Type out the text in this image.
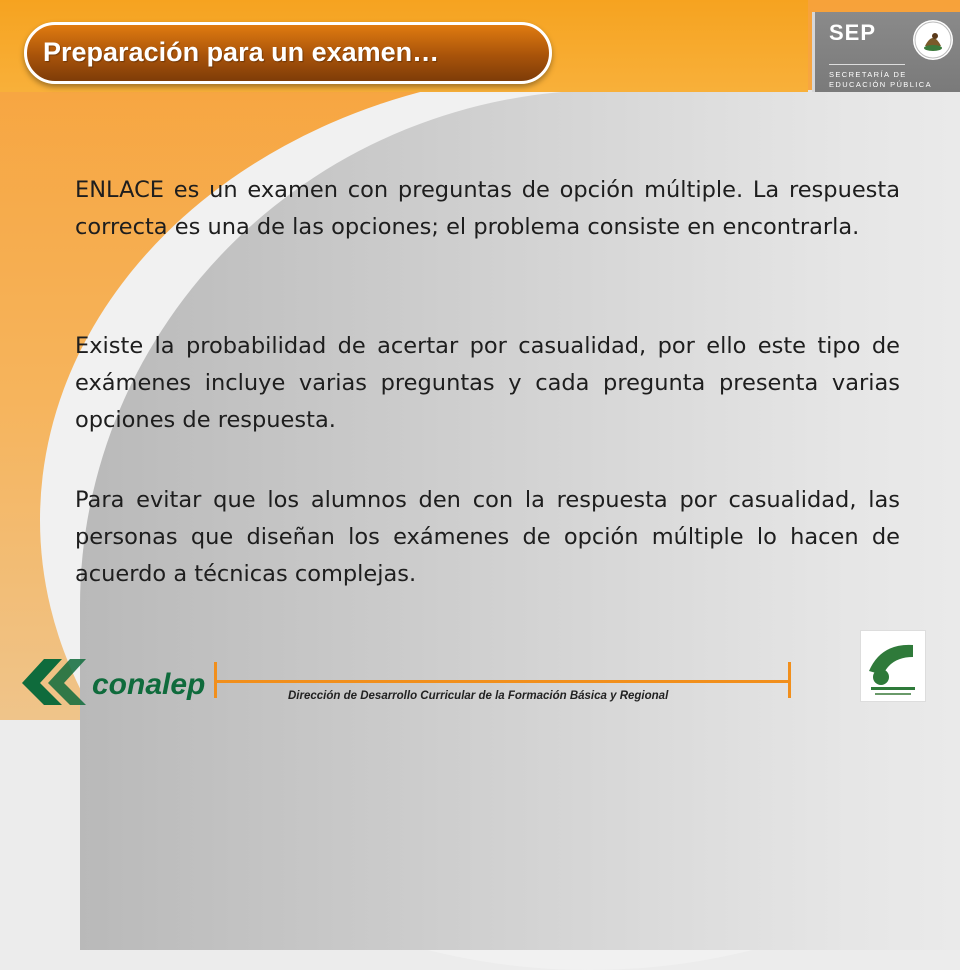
Preparación para un examen…
SEP
SECRETARÍA DE
EDUCACIÓN PÚBLICA
ENLACE es un examen con preguntas de opción múltiple. La respuesta correcta es una de las opciones; el problema consiste en encontrarla.
Existe la probabilidad de acertar por casualidad, por ello este tipo de exámenes incluye varias preguntas y cada pregunta presenta varias opciones de respuesta.
Para evitar que los alumnos den con la respuesta por casualidad, las personas que diseñan los exámenes de opción múltiple lo hacen de acuerdo a técnicas complejas.
conalep	Dirección de Desarrollo Curricular de la Formación Básica y Regional
